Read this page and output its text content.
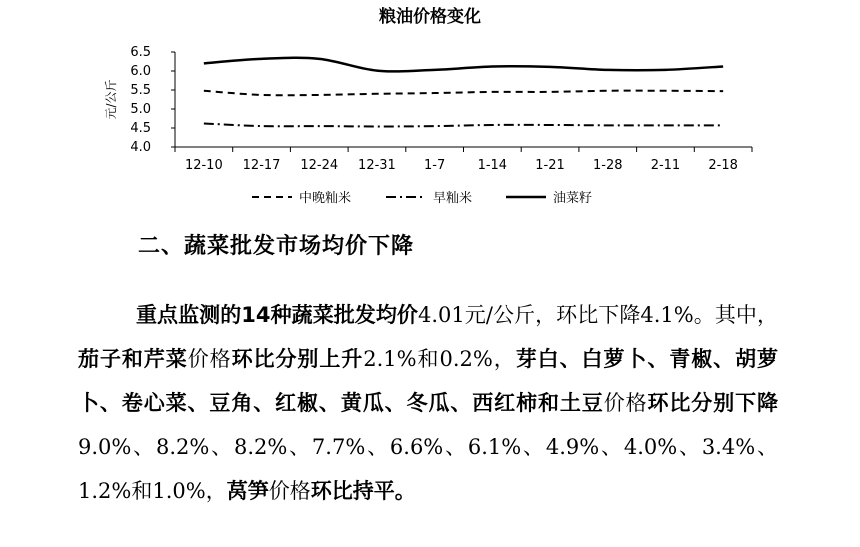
粮油价格变化
4.0
4.5
5.0
5.5
6.0
6.5
12-10 12-17 12-24 12-31 1-7 1-14 1-21 1-28 2-11 2-18
元/公斤
中晚籼米	早籼米	油菜籽
二、蔬菜批发市场均价下降

重点监测的14种蔬菜批发均价4.01元/公斤，环比下降4.1%。其中，茄子和芹菜价格环比分别上升2.1%和0.2%，芽白、白萝卜、青椒、胡萝卜、卷心菜、豆角、红椒、黄瓜、冬瓜、西红柿和土豆价格环比分别下降9.0%、8.2%、8.2%、7.7%、6.6%、6.1%、4.9%、4.0%、3.4%、1.2%和1.0%，莴笋价格环比持平。
